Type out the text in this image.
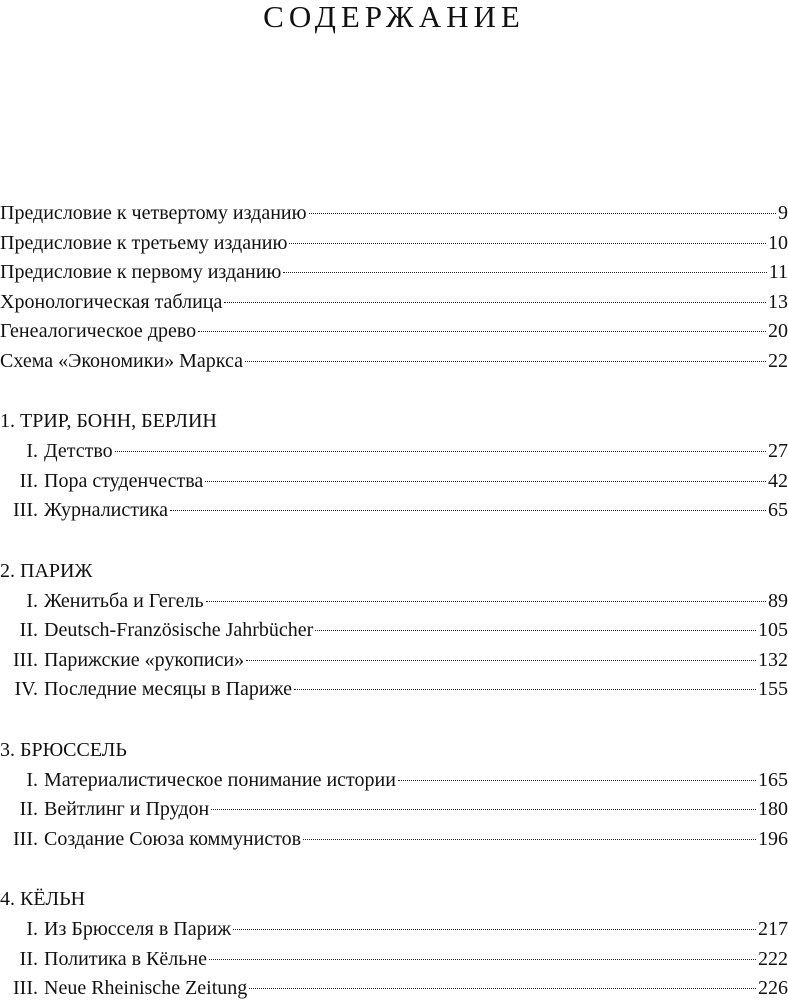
СОДЕРЖАНИЕ
Предисловие к четвертому изданию	9
Предисловие к третьему изданию	10
Предисловие к первому изданию	11
Хронологическая таблица	13
Генеалогическое древо	20
Схема «Экономики» Маркса	22
1. ТРИР, БОНН, БЕРЛИН
I. Детство	27
II. Пора студенчества	42
III. Журналистика	65
2. ПАРИЖ
I. Женитьба и Гегель	89
II. Deutsch-Französische Jahrbücher	105
III. Парижские «рукописи»	132
IV. Последние месяцы в Париже	155
3. БРЮССЕЛЬ
I. Материалистическое понимание истории	165
II. Вейтлинг и Прудон	180
III. Создание Союза коммунистов	196
4. КЁЛЬН
I. Из Брюсселя в Париж	217
II. Политика в Кёльне	222
III. Neue Rheinische Zeitung	226
